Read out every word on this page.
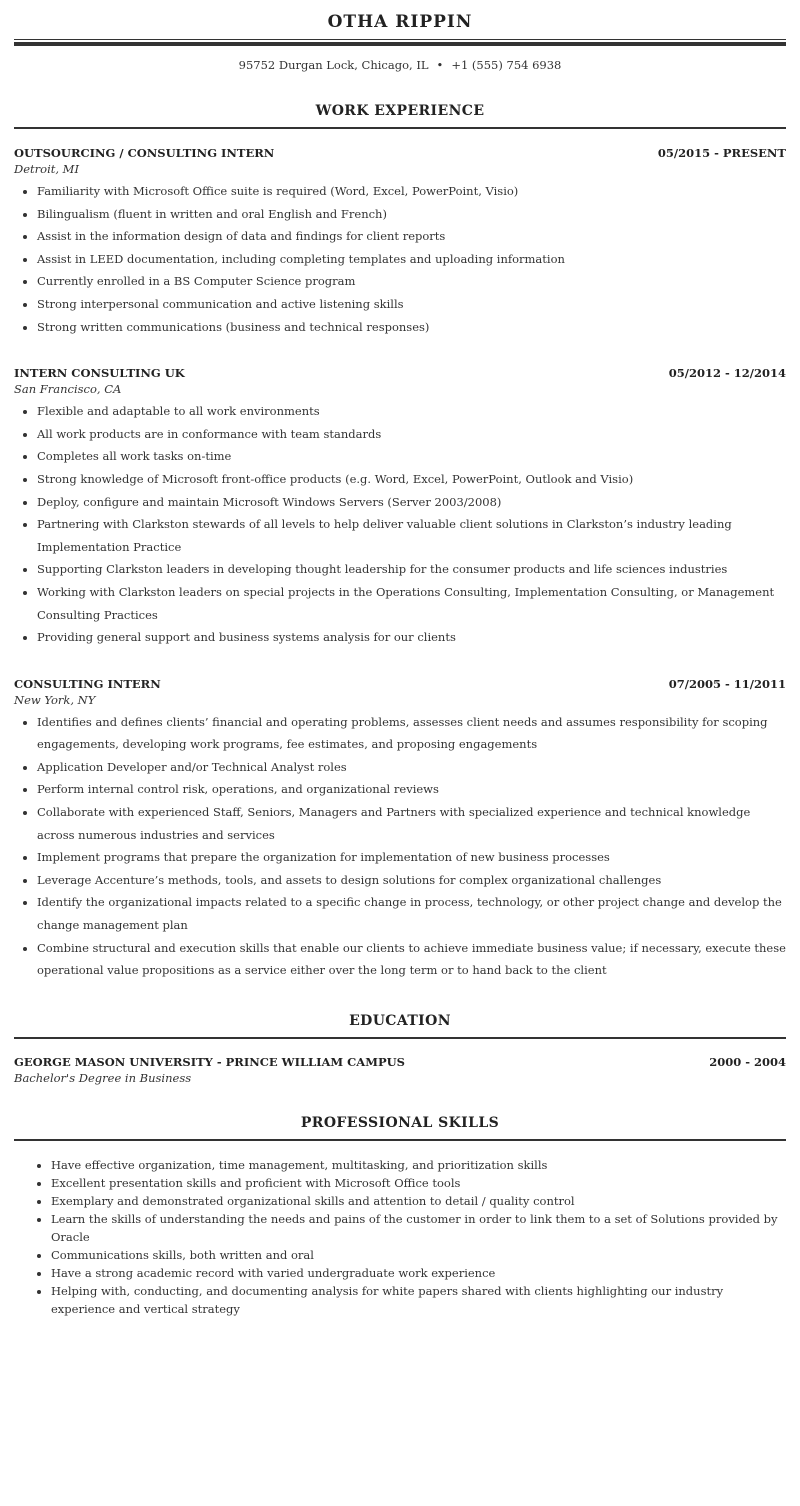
OTHA RIPPIN
95752 Durgan Lock, Chicago, IL • +1 (555) 754 6938
WORK EXPERIENCE
OUTSOURCING / CONSULTING INTERN	05/2015 - PRESENT
Detroit, MI
• Familiarity with Microsoft Office suite is required (Word, Excel, PowerPoint, Visio)
• Bilingualism (fluent in written and oral English and French)
• Assist in the information design of data and findings for client reports
• Assist in LEED documentation, including completing templates and uploading information
• Currently enrolled in a BS Computer Science program
• Strong interpersonal communication and active listening skills
• Strong written communications (business and technical responses)
INTERN CONSULTING UK	05/2012 - 12/2014
San Francisco, CA
• Flexible and adaptable to all work environments
• All work products are in conformance with team standards
• Completes all work tasks on-time
• Strong knowledge of Microsoft front-office products (e.g. Word, Excel, PowerPoint, Outlook and Visio)
• Deploy, configure and maintain Microsoft Windows Servers (Server 2003/2008)
• Partnering with Clarkston stewards of all levels to help deliver valuable client solutions in Clarkston’s industry leading Implementation Practice
• Supporting Clarkston leaders in developing thought leadership for the consumer products and life sciences industries
• Working with Clarkston leaders on special projects in the Operations Consulting, Implementation Consulting, or Management Consulting Practices
• Providing general support and business systems analysis for our clients
CONSULTING INTERN	07/2005 - 11/2011
New York, NY
• Identifies and defines clients’ financial and operating problems, assesses client needs and assumes responsibility for scoping engagements, developing work programs, fee estimates, and proposing engagements
• Application Developer and/or Technical Analyst roles
• Perform internal control risk, operations, and organizational reviews
• Collaborate with experienced Staff, Seniors, Managers and Partners with specialized experience and technical knowledge across numerous industries and services
• Implement programs that prepare the organization for implementation of new business processes
• Leverage Accenture’s methods, tools, and assets to design solutions for complex organizational challenges
• Identify the organizational impacts related to a specific change in process, technology, or other project change and develop the change management plan
• Combine structural and execution skills that enable our clients to achieve immediate business value; if necessary, execute these operational value propositions as a service either over the long term or to hand back to the client
EDUCATION
GEORGE MASON UNIVERSITY - PRINCE WILLIAM CAMPUS	2000 - 2004
Bachelor's Degree in Business
PROFESSIONAL SKILLS
• Have effective organization, time management, multitasking, and prioritization skills
• Excellent presentation skills and proficient with Microsoft Office tools
• Exemplary and demonstrated organizational skills and attention to detail / quality control
• Learn the skills of understanding the needs and pains of the customer in order to link them to a set of Solutions provided by Oracle
• Communications skills, both written and oral
• Have a strong academic record with varied undergraduate work experience
• Helping with, conducting, and documenting analysis for white papers shared with clients highlighting our industry experience and vertical strategy
